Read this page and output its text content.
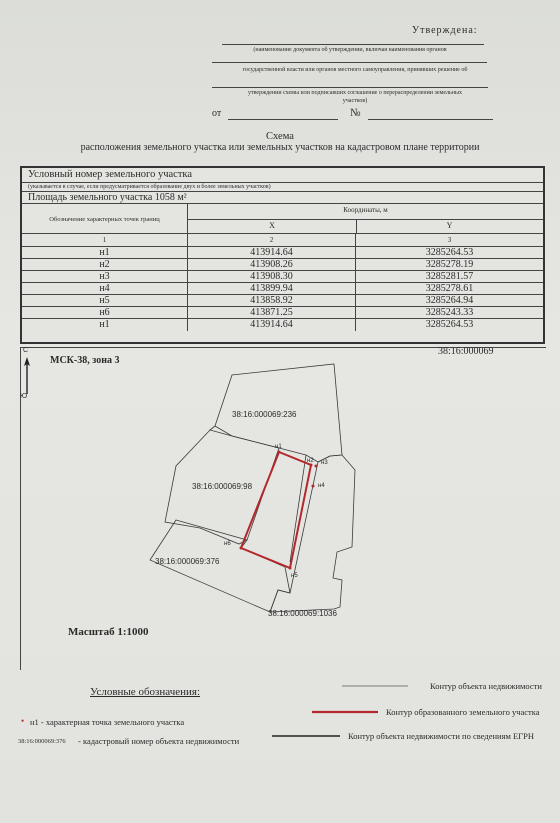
Утверждена:
(наименование документа об утверждении, включая наименования органов
государственной власти или органов местного самоуправления, принявших решение об
утверждении схемы или подписавших соглашение о перераспределении земельных
участков)
от	№
Схема
расположения земельного участка или земельных участков на кадастровом плане территории
Условный номер земельного участка
(указывается в случае, если предусматривается образование двух и более земельных участков)
Площадь земельного участка 1058 м²
Обозначение характерных точек границ
Координаты, м
X	Y
1	2	3
н1	413914.64	3285264.53
н2	413908.26	3285278.19
н3	413908.30	3285281.57
н4	413899.94	3285278.61
н5	413858.92	3285264.94
н6	413871.25	3285243.33
н1	413914.64	3285264.53
38:16:000069
МСК-38, зона 3
С
Ю
38:16:000069:236
38:16:000069:98
38:16:000069:376
38:16:000069:1036
н1
н2 н3
н4
н5
н6
Масштаб 1:1000
Условные обозначения:	Контур объекта недвижимости
Контур образованного земельного участка
Контур объекта недвижимости по сведениям ЕГРН
• н1 - характерная точка земельного участка
38:16:000069:376 - кадастровый номер объекта недвижимости
